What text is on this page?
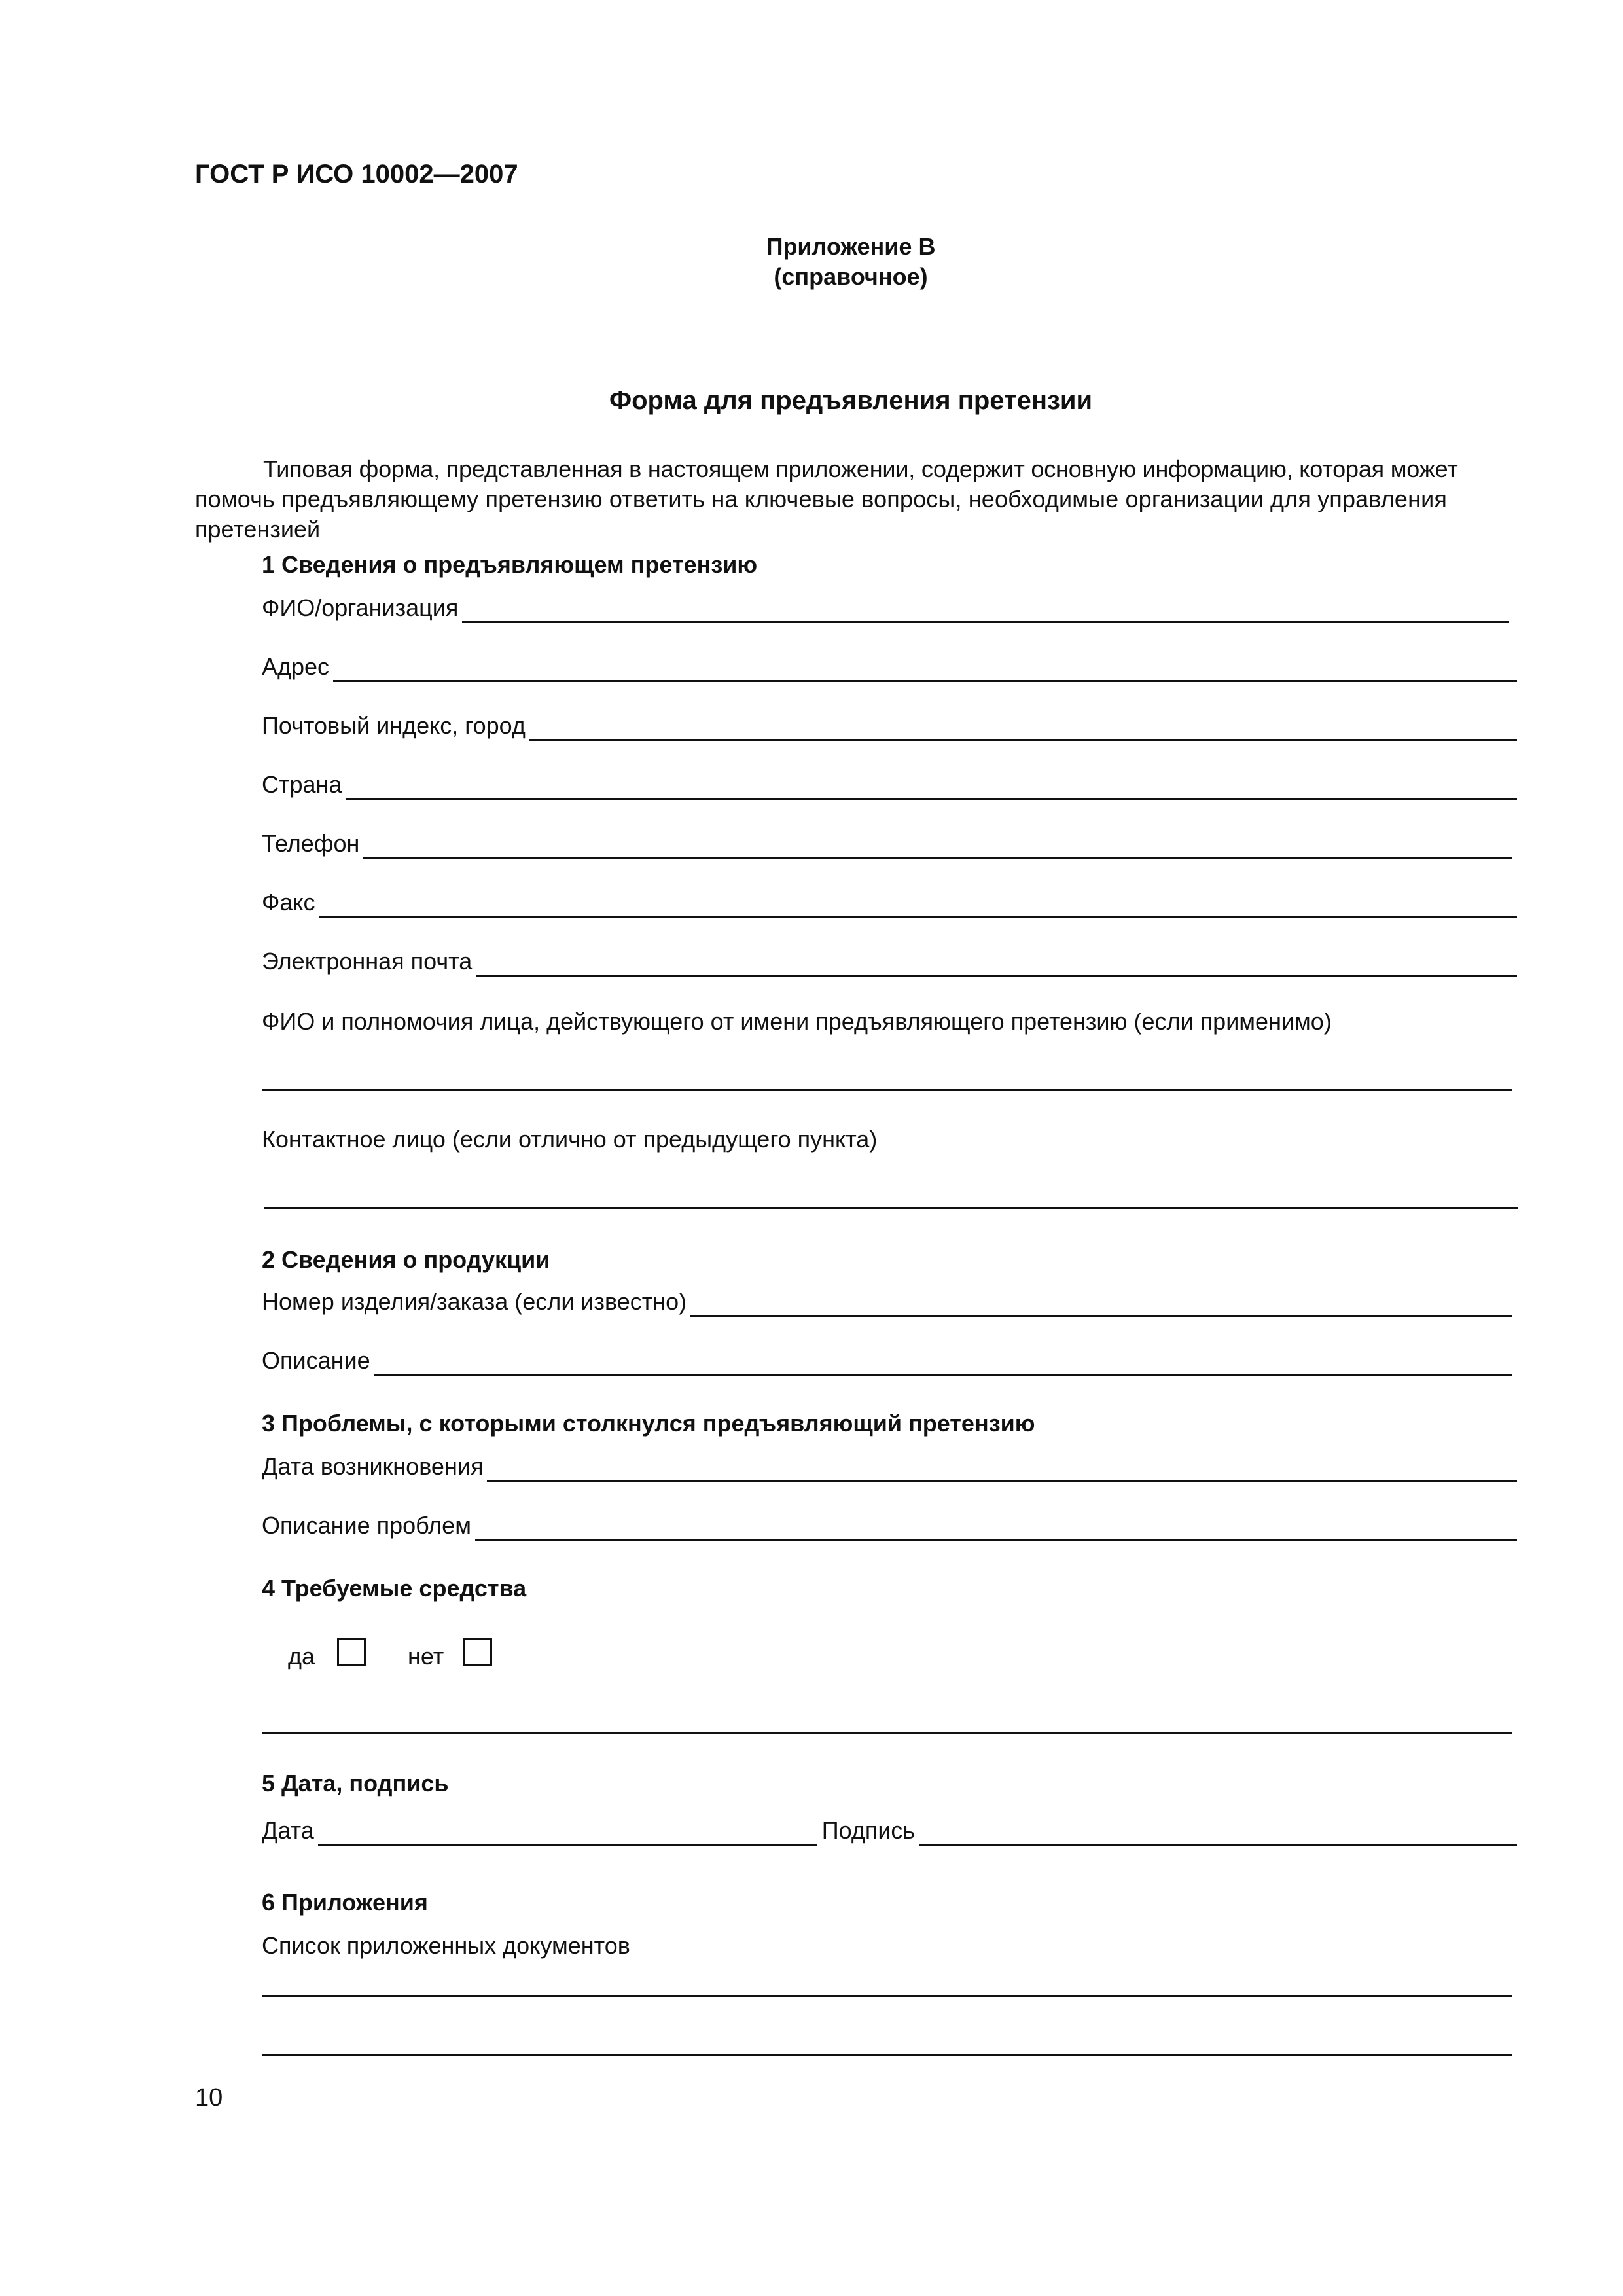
ГОСТ Р ИСО 10002—2007
Приложение В
(справочное)
Форма для предъявления претензии
Типовая форма, представленная в настоящем приложении, содержит основную информацию, которая может
помочь предъявляющему претензию ответить на ключевые вопросы, необходимые организации для управления
претензией
1 Сведения о предъявляющем претензию
ФИО/организация
Адрес
Почтовый индекс, город
Страна
Телефон
Факс
Электронная почта
ФИО и полномочия лица, действующего от имени предъявляющего претензию (если применимо)
Контактное лицо (если отлично от предыдущего пункта)
2 Сведения о продукции
Номер изделия/заказа (если известно)
Описание
3 Проблемы, с которыми столкнулся предъявляющий претензию
Дата возникновения
Описание проблем
4 Требуемые средства
да	нет
5 Дата, подпись
Дата	Подпись
6 Приложения
Список приложенных документов
10
